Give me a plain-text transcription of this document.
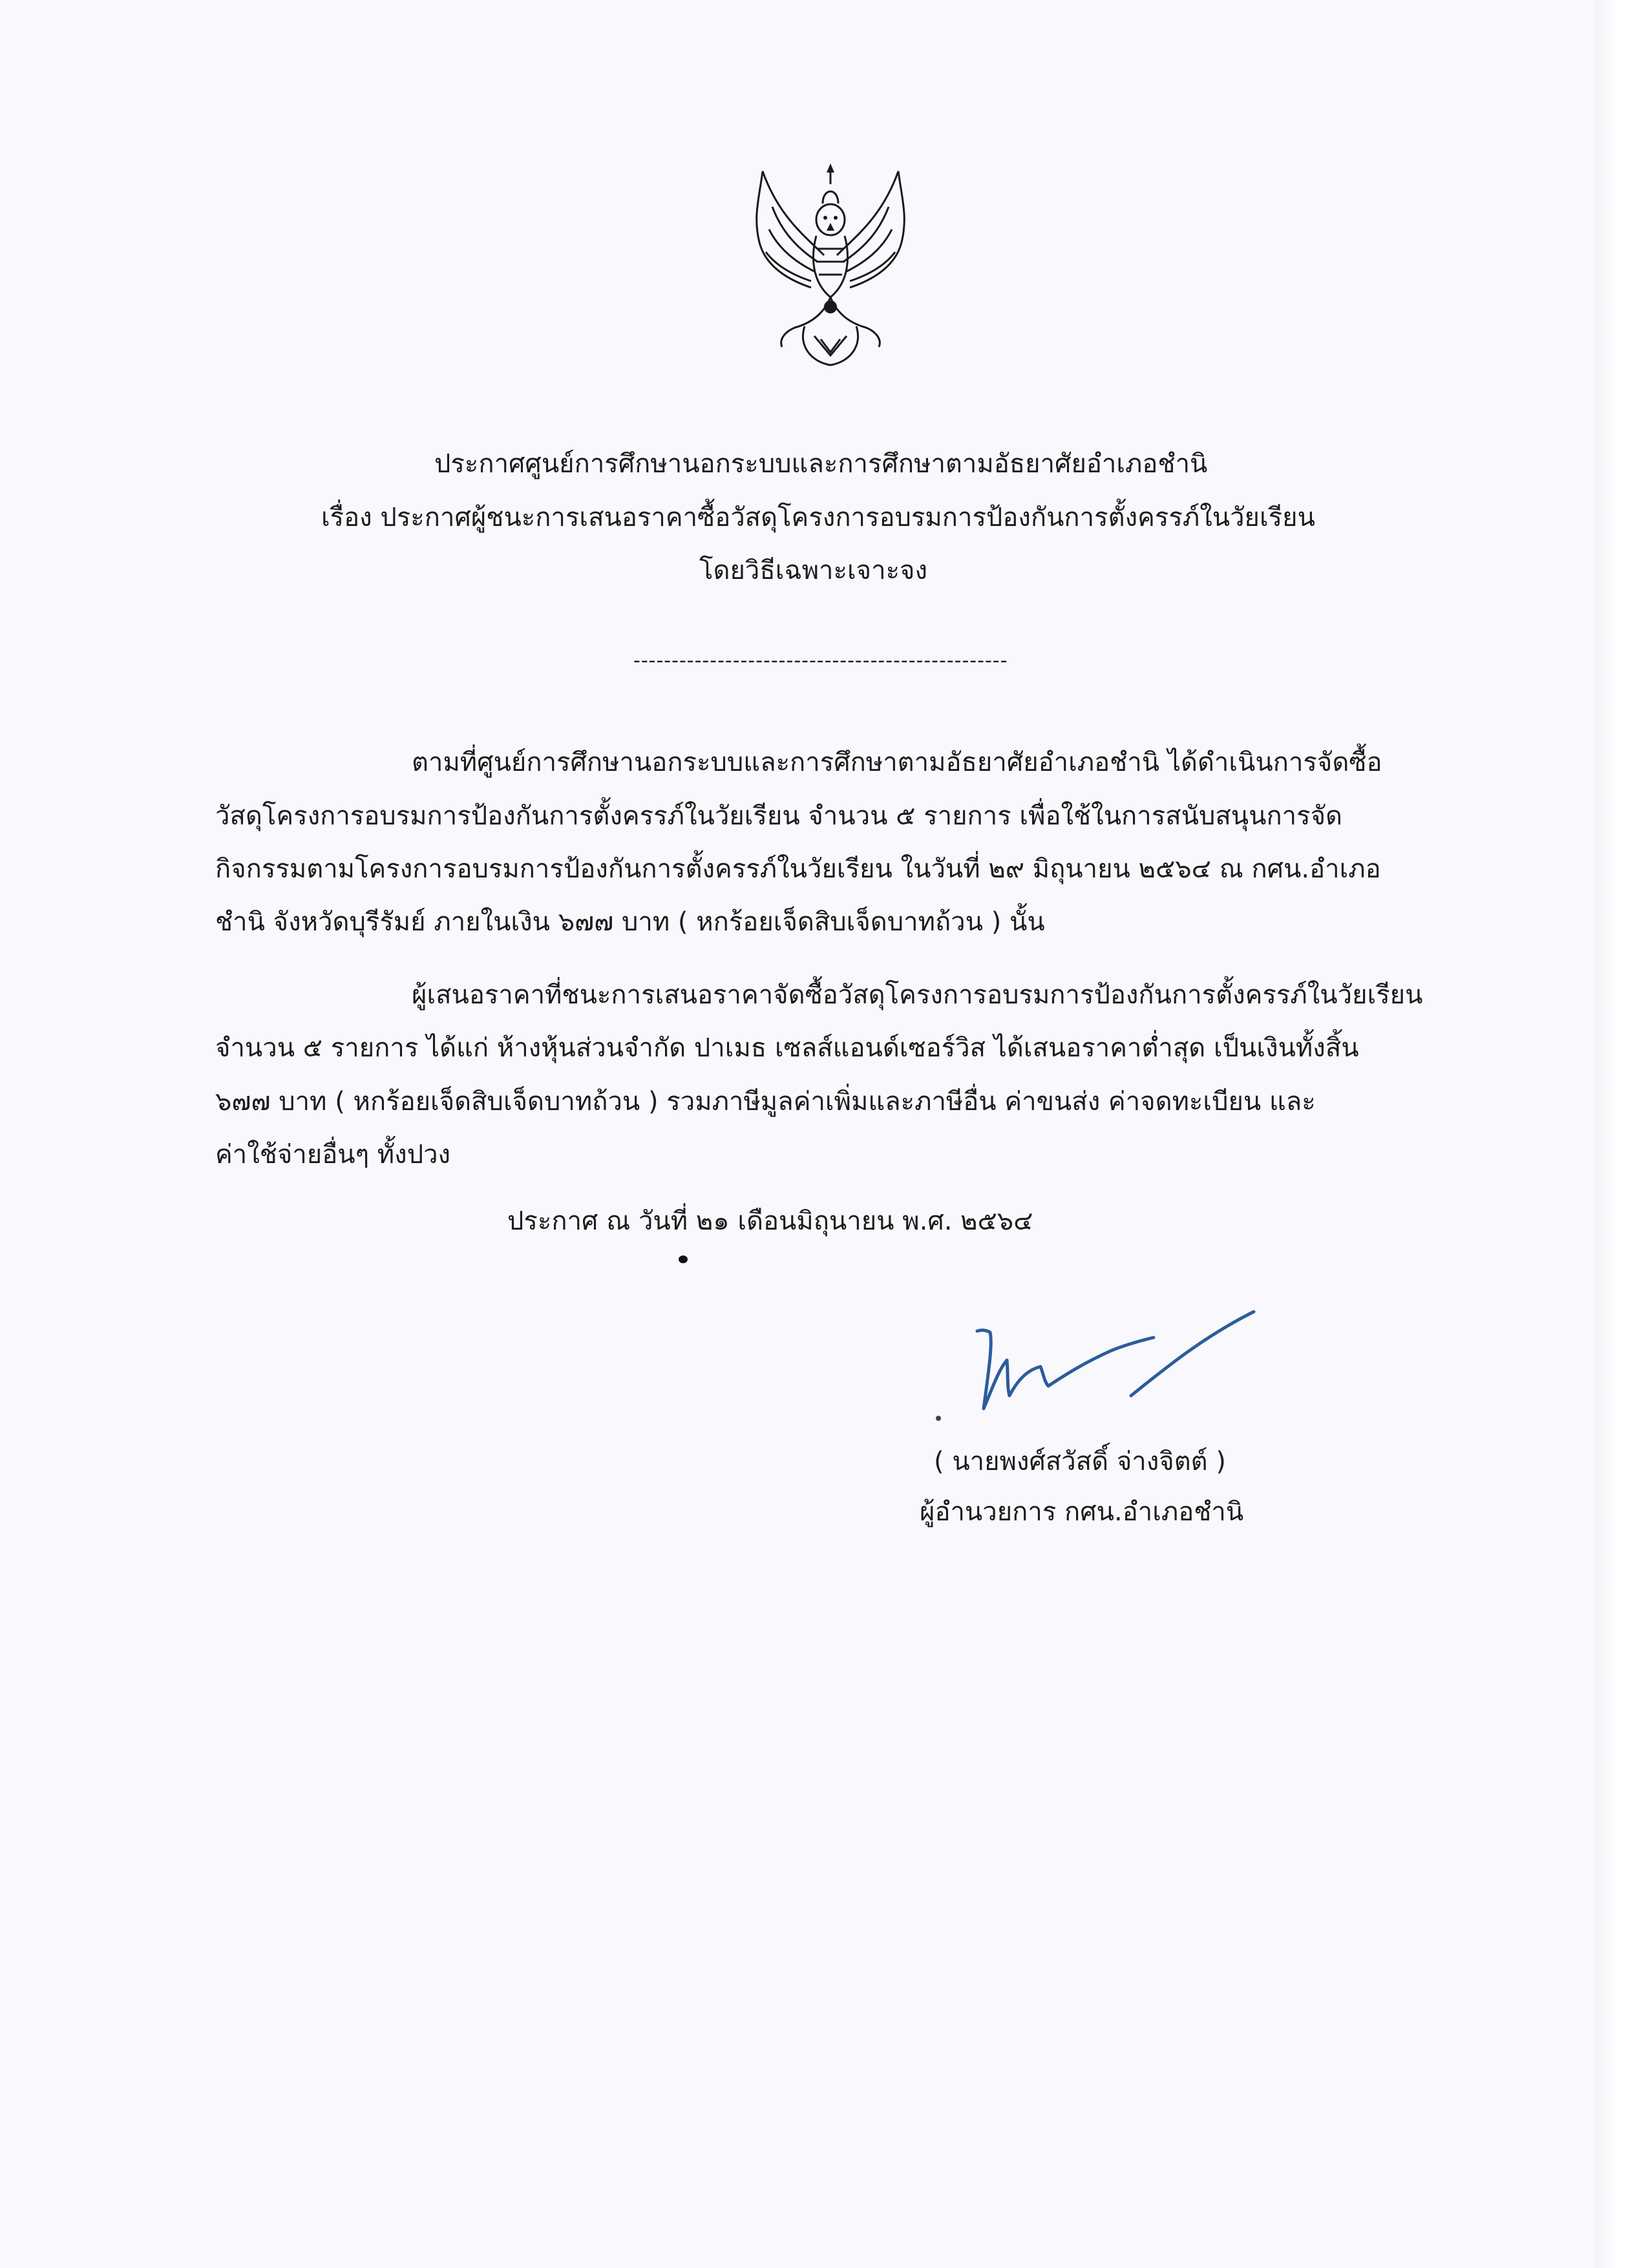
ประกาศศูนย์การศึกษานอกระบบและการศึกษาตามอัธยาศัยอำเภอชำนิ
เรื่อง ประกาศผู้ชนะการเสนอราคาซื้อวัสดุโครงการอบรมการป้องกันการตั้งครรภ์ในวัยเรียน
โดยวิธีเฉพาะเจาะจง
-------------------------------------------------
ตามที่ศูนย์การศึกษานอกระบบและการศึกษาตามอัธยาศัยอำเภอชำนิ ได้ดำเนินการจัดซื้อ
วัสดุโครงการอบรมการป้องกันการตั้งครรภ์ในวัยเรียน จำนวน ๕ รายการ เพื่อใช้ในการสนับสนุนการจัด
กิจกรรมตามโครงการอบรมการป้องกันการตั้งครรภ์ในวัยเรียน ในวันที่ ๒๙ มิถุนายน ๒๕๖๔ ณ กศน.อำเภอ
ชำนิ จังหวัดบุรีรัมย์ ภายในเงิน ๖๗๗ บาท ( หกร้อยเจ็ดสิบเจ็ดบาทถ้วน ) นั้น
ผู้เสนอราคาที่ชนะการเสนอราคาจัดซื้อวัสดุโครงการอบรมการป้องกันการตั้งครรภ์ในวัยเรียน
จำนวน ๕ รายการ ได้แก่ ห้างหุ้นส่วนจำกัด ปาเมธ เซลส์แอนด์เซอร์วิส ได้เสนอราคาต่ำสุด เป็นเงินทั้งสิ้น
๖๗๗ บาท ( หกร้อยเจ็ดสิบเจ็ดบาทถ้วน ) รวมภาษีมูลค่าเพิ่มและภาษีอื่น ค่าขนส่ง ค่าจดทะเบียน และ
ค่าใช้จ่ายอื่นๆ ทั้งปวง
ประกาศ ณ วันที่ ๒๑ เดือนมิถุนายน พ.ศ. ๒๕๖๔
( นายพงศ์สวัสดิ์ จ่างจิตต์ )
ผู้อำนวยการ กศน.อำเภอชำนิ
